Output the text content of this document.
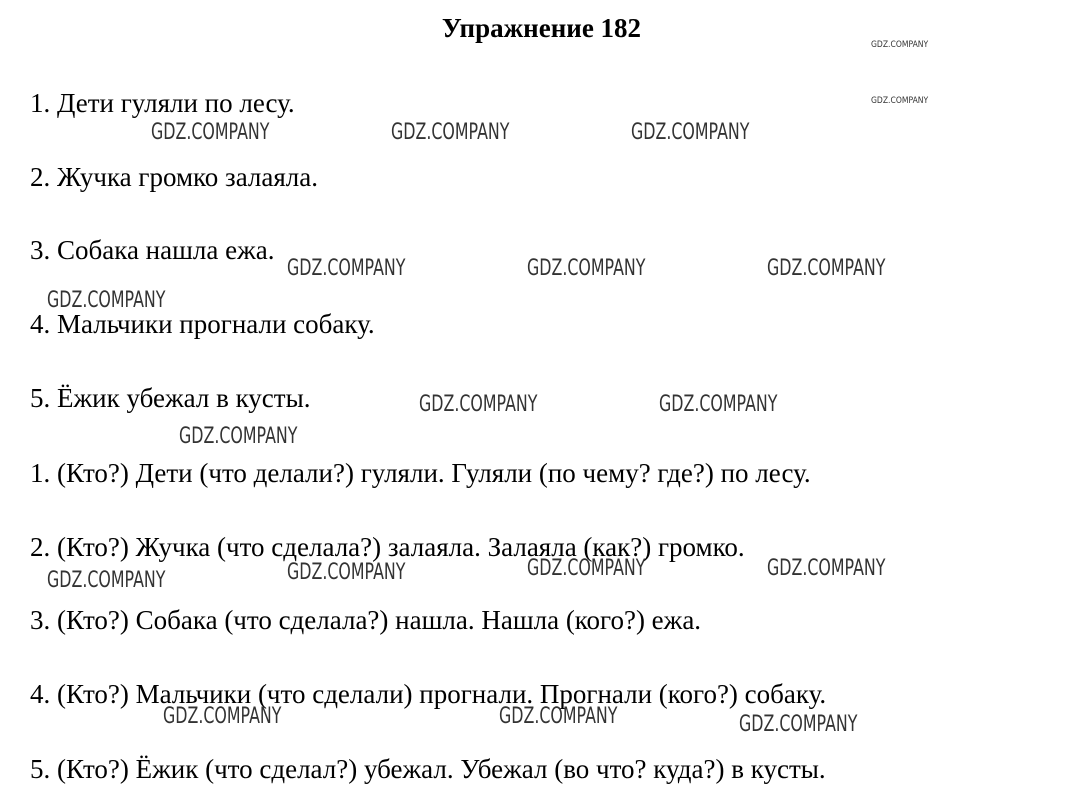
Упражнение 182
1. Дети гуляли по лесу.
2. Жучка громко залаяла.
3. Собака нашла ежа.
4. Мальчики прогнали собаку.
5. Ёжик убежал в кусты.
1. (Кто?) Дети (что делали?) гуляли. Гуляли (по чему? где?) по лесу.
2. (Кто?) Жучка (что сделала?) залаяла. Залаяла (как?) громко.
3. (Кто?) Собака (что сделала?) нашла. Нашла (кого?) ежа.
4. (Кто?) Мальчики (что сделали) прогнали. Прогнали (кого?) собаку.
5. (Кто?) Ёжик (что сделал?) убежал. Убежал (во что? куда?) в кусты.
GDZ.COMPANY
GDZ.COMPANY
GDZ.COMPANY	GDZ.COMPANY	GDZ.COMPANY
GDZ.COMPANY	GDZ.COMPANY	GDZ.COMPANY
GDZ.COMPANY
GDZ.COMPANY	GDZ.COMPANY
GDZ.COMPANY
GDZ.COMPANY	GDZ.COMPANY	GDZ.COMPANY	GDZ.COMPANY
GDZ.COMPANY	GDZ.COMPANY	GDZ.COMPANY
